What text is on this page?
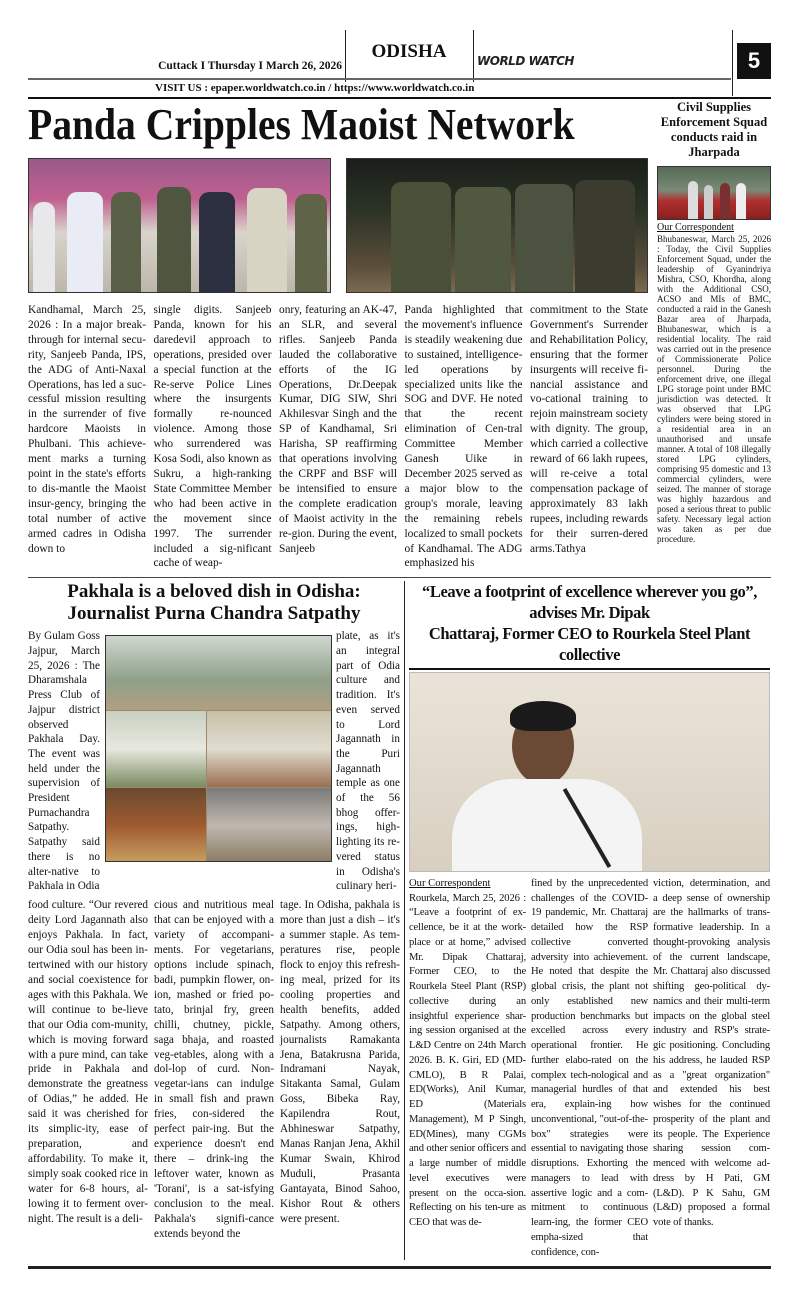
Cuttack I Thursday I March 26, 2026
ODISHA	WORLD WATCH	5
VISIT US : epaper.worldwatch.co.in / https://www.worldwatch.co.in
Panda Cripples Maoist Network
Kandhamal, March 25, 2026 : In a major break-through for internal secu-rity, Sanjeeb Panda, IPS, the ADG of Anti-Naxal Operations, has led a suc-cessful mission resulting in the surrender of five hardcore Maoists in Phulbani. This achieve-ment marks a turning point in the state's efforts to dis-mantle the Maoist insur-gency, bringing the total number of active armed cadres in Odisha down to
single digits. Sanjeeb Panda, known for his daredevil approach to operations, presided over a special function at the Re-serve Police Lines where the insurgents formally re-nounced violence. Among those who surrendered was Kosa Sodi, also known as Sukru, a high-ranking State Committee Member who had been active in the movement since 1997. The surrender included a sig-nificant cache of weap-
onry, featuring an AK-47, an SLR, and several rifles. Sanjeeb Panda lauded the collaborative efforts of the IG Operations, Dr.Deepak Kumar, DIG SIW, Shri Akhilesvar Singh and the SP of Kandhamal, Sri Harisha, SP reaffirming that operations involving the CRPF and BSF will be intensified to ensure the complete eradication of Maoist activity in the re-gion. During the event, Sanjeeb
Panda highlighted that the movement's influence is steadily weakening due to sustained, intelligence-led operations by specialized units like the SOG and DVF. He noted that the recent elimination of Cen-tral Committee Member Ganesh Uike in December 2025 served as a major blow to the group's morale, leaving the remaining rebels localized to small pockets of Kandhamal. The ADG emphasized his
commitment to the State Government's Surrender and Rehabilitation Policy, ensuring that the former insurgents will receive fi-nancial assistance and vo-cational training to rejoin mainstream society with dignity. The group, which carried a collective reward of 66 lakh rupees, will re-ceive a total compensation package of approximately 83 lakh rupees, including rewards for their surren-dered arms.Tathya
Civil Supplies Enforcement Squad conducts raid in Jharpada
Our Correspondent
Bhubaneswar, March 25, 2026 : Today, the Civil Supplies Enforcement Squad, under the leadership of Gyanindriya Mishra, CSO, Khordha, along with the Additional CSO, ACSO and MIs of BMC, conducted a raid in the Ganesh Bazar area of Jharpada, Bhubaneswar, which is a residential locality. The raid was carried out in the presence of Commissionerate Police personnel. During the enforcement drive, one illegal LPG storage point under BMC jurisdiction was detected. It was observed that LPG cylinders were being stored in a residential area in an unauthorised and unsafe manner. A total of 108 illegally stored LPG cylinders, comprising 95 domestic and 13 commercial cylinders, were seized. The manner of storage was highly hazardous and posed a serious threat to public safety. Necessary legal action was taken as per due procedure.
Pakhala is a beloved dish in Odisha:
Journalist Purna Chandra Satpathy
By Gulam Goss Jajpur, March 25, 2026 : The Dharamshala Press Club of Jajpur district observed Pakhala Day. The event was held under the supervision of President Purnachandra Satpathy. Satpathy said there is no alter-native to Pakhala in Odia
plate, as it's an integral part of Odia culture and tradition. It's even served to Lord Jagannath in the Puri Jagannath temple as one of the 56 bhog offer-ings, high-lighting its re-vered status in Odisha's culinary heri-
food culture. “Our revered deity Lord Jagannath also enjoys Pakhala. In fact, our Odia soul has been in-tertwined with our history and social coexistence for ages with this Pakhala. We will continue to be-lieve that our Odia com-munity, which is moving forward with a pure mind, can take pride in Pakhala and demonstrate the greatness of Odias,” he added. He said it was cherished for its simplic-ity, ease of preparation, and affordability. To make it, simply soak cooked rice in water for 6-8 hours, al-lowing it to ferment over-night. The result is a deli-
cious and nutritious meal that can be enjoyed with a variety of accompani-ments. For vegetarians, options include spinach, badi, pumpkin flower, on-ion, mashed or fried po-tato, brinjal fry, green chilli, chutney, pickle, saga bhaja, and roasted veg-etables, along with a dol-lop of curd. Non-vegetar-ians can indulge in small fish and prawn fries, con-sidered the perfect pair-ing. But the experience doesn't end there – drink-ing the leftover water, known as 'Torani', is a sat-isfying conclusion to the meal. Pakhala's signifi-cance extends beyond the
tage. In Odisha, pakhala is more than just a dish – it's a summer staple. As tem-peratures rise, people flock to enjoy this refresh-ing meal, prized for its cooling properties and health benefits, added Satpathy. Among others, journalists Ramakanta Jena, Batakrusna Parida, Indramani Nayak, Sitakanta Samal, Gulam Goss, Bibeka Ray, Kapilendra Rout, Abhineswar Satpathy, Manas Ranjan Jena, Akhil Kumar Swain, Khirod Muduli, Prasanta Gantayata, Binod Sahoo, Kishor Rout & others were present.
“Leave a footprint of excellence wherever you go”, advises Mr. Dipak
Chattaraj, Former CEO to Rourkela Steel Plant collective
Our Correspondent
Rourkela, March 25, 2026 : “Leave a footprint of ex-cellence, be it at the work-place or at home,” advised Mr. Dipak Chattaraj, Former CEO, to the Rourkela Steel Plant (RSP) collective during an insightful experience shar-ing session organised at the L&D Centre on 24th March 2026. B. K. Giri, ED (MD-CMLO), B R Palai, ED(Works), Anil Kumar, ED (Materials Management), M P Singh, ED(Mines), many CGMs and other senior officers and a large number of middle level executives were present on the occa-sion. Reflecting on his ten-ure as CEO that was de-
fined by the unprecedented challenges of the COVID-19 pandemic, Mr. Chattaraj detailed how the RSP collective converted adversity into achievement. He noted that despite the global crisis, the plant not only established new production benchmarks but excelled across every operational frontier. He further elabo-rated on the complex tech-nological and managerial hurdles of that era, explain-ing how unconventional, "out-of-the-box" strategies were essential to navigating those disruptions. Exhorting the managers to lead with assertive logic and a com-mitment to continuous learn-ing, the former CEO empha-sized that confidence, con-
viction, determination, and a deep sense of ownership are the hallmarks of trans-formative leadership. In a thought-provoking analysis of the current landscape, Mr. Chattaraj also discussed shifting geo-political dy-namics and their multi-term impacts on the global steel industry and RSP's strate-gic positioning. Concluding his address, he lauded RSP as a "great organization" and extended his best wishes for the continued prosperity of the plant and its people. The Experience sharing session com-menced with welcome ad-dress by H Pati, GM (L&D). P K Sahu, GM (L&D) proposed a formal vote of thanks.
